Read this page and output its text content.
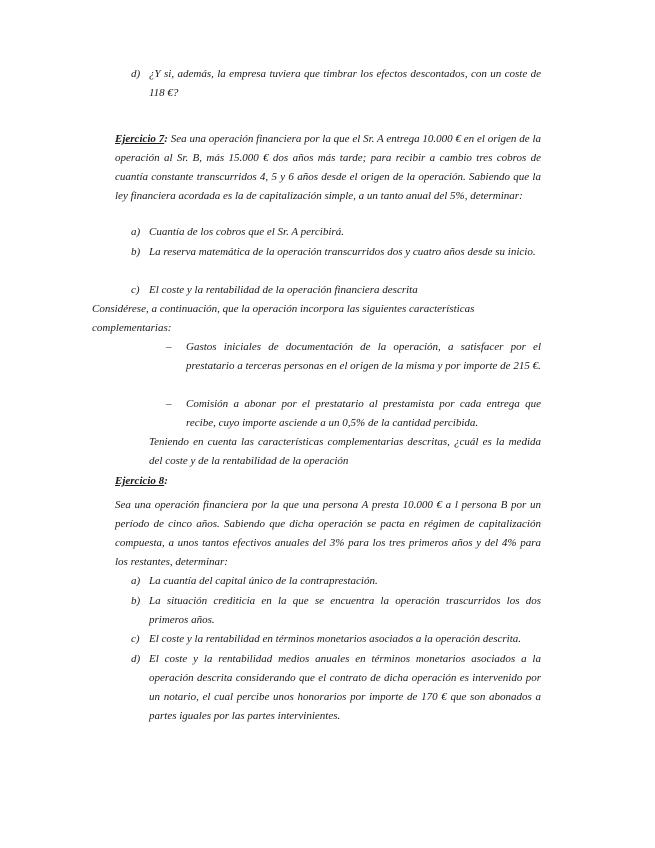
d) ¿Y si, además, la empresa tuviera que timbrar los efectos descontados, con un coste de 118 €?
Ejercicio 7: Sea una operación financiera por la que el Sr. A entrega 10.000 € en el origen de la operación al Sr. B, más 15.000 € dos años más tarde; para recibir a cambio tres cobros de cuantía constante transcurridos 4, 5 y 6 años desde el origen de la operación. Sabiendo que la ley financiera acordada es la de capitalización simple, a un tanto anual del 5%, determinar:
a) Cuantía de los cobros que el Sr. A percibirá.
b) La reserva matemática de la operación transcurridos dos y cuatro años desde su inicio.
c) El coste y la rentabilidad de la operación financiera descrita
Considérese, a continuación, que la operación incorpora las siguientes características complementarias:
– Gastos iniciales de documentación de la operación, a satisfacer por el prestatario a terceras personas en el origen de la misma y por importe de 215 €.
– Comisión a abonar por el prestatario al prestamista por cada entrega que recibe, cuyo importe asciende a un 0,5% de la cantidad percibida.
Teniendo en cuenta las características complementarias descritas, ¿cuál es la medida del coste y de la rentabilidad de la operación
Ejercicio 8:
Sea una operación financiera por la que una persona A presta 10.000 € a l persona B por un período de cinco años. Sabiendo que dicha operación se pacta en régimen de capitalización compuesta, a unos tantos efectivos anuales del 3% para los tres primeros años y del 4% para los restantes, determinar:
a) La cuantía del capital único de la contraprestación.
b) La situación crediticia en la que se encuentra la operación trascurridos los dos primeros años.
c) El coste y la rentabilidad en términos monetarios asociados a la operación descrita.
d) El coste y la rentabilidad medios anuales en términos monetarios asociados a la operación descrita considerando que el contrato de dicha operación es intervenido por un notario, el cual percibe unos honorarios por importe de 170 € que son abonados a partes iguales por las partes intervinientes.
